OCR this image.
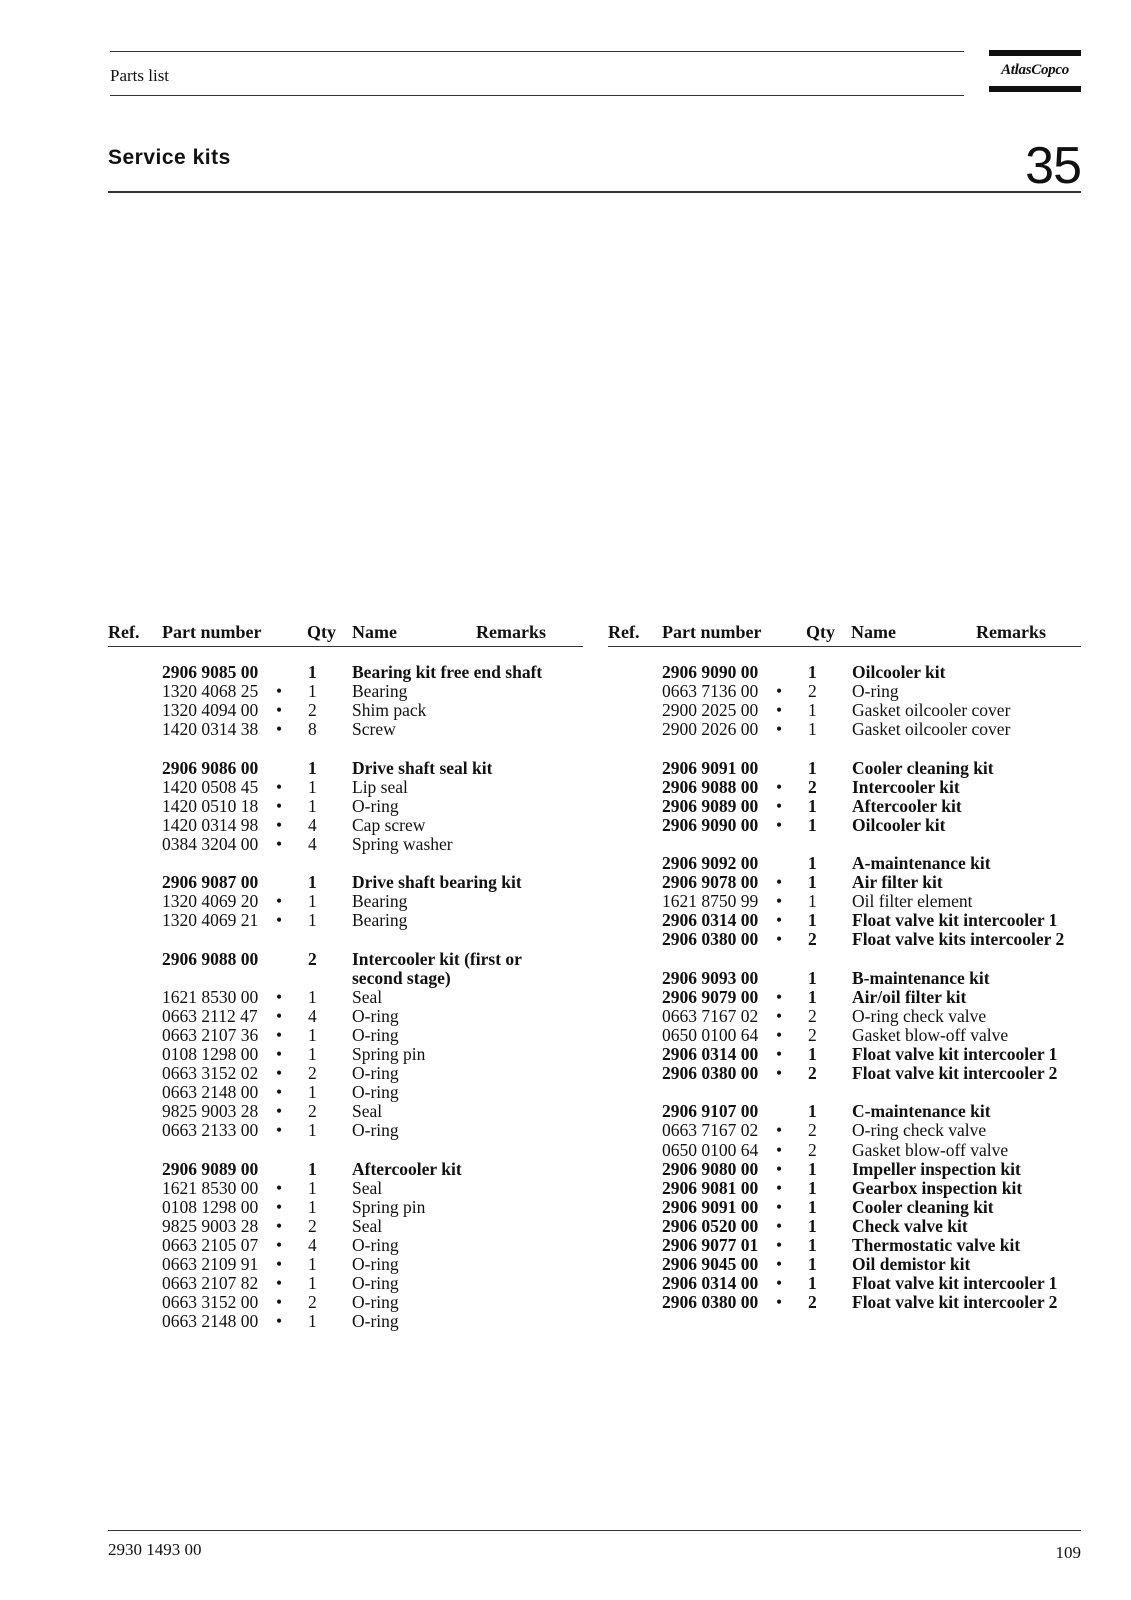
Parts list	AtlasCopco
Service kits	35
Ref. Part number	Qty Name	Remarks	Ref. Part number Qty Name	Remarks
2906 9085 00	1 Bearing kit free end shaft
1320 4068 25 • 1 Bearing
1320 4094 00 • 2 Shim pack
1420 0314 38 • 8 Screw
2906 9086 00	1 Drive shaft seal kit
1420 0508 45 • 1 Lip seal
1420 0510 18 • 1 O-ring
1420 0314 98 • 4 Cap screw
0384 3204 00 • 4 Spring washer
2906 9087 00	1 Drive shaft bearing kit
1320 4069 20 • 1 Bearing
1320 4069 21 • 1 Bearing
2906 9088 00	2 Intercooler kit (first or second stage)
1621 8530 00 • 1 Seal
0663 2112 47 • 4 O-ring
0663 2107 36 • 1 O-ring
0108 1298 00 • 1 Spring pin
0663 3152 02 • 2 O-ring
0663 2148 00 • 1 O-ring
9825 9003 28 • 2 Seal
0663 2133 00 • 1 O-ring
2906 9089 00	1 Aftercooler kit
1621 8530 00 • 1 Seal
0108 1298 00 • 1 Spring pin
9825 9003 28 • 2 Seal
0663 2105 07 • 4 O-ring
0663 2109 91 • 1 O-ring
0663 2107 82 • 1 O-ring
0663 3152 00 • 2 O-ring
0663 2148 00 • 1 O-ring
2906 9090 00	1 Oilcooler kit
0663 7136 00 • 2 O-ring
2900 2025 00 • 1 Gasket oilcooler cover
2900 2026 00 • 1 Gasket oilcooler cover
2906 9091 00	1 Cooler cleaning kit
2906 9088 00 • 2 Intercooler kit
2906 9089 00 • 1 Aftercooler kit
2906 9090 00 • 1 Oilcooler kit
2906 9092 00	1 A-maintenance kit
2906 9078 00 • 1 Air filter kit
1621 8750 99 • 1 Oil filter element
2906 0314 00 • 1 Float valve kit intercooler 1
2906 0380 00 • 2 Float valve kits intercooler 2
2906 9093 00	1 B-maintenance kit
2906 9079 00 • 1 Air/oil filter kit
0663 7167 02 • 2 O-ring check valve
0650 0100 64 • 2 Gasket blow-off valve
2906 0314 00 • 1 Float valve kit intercooler 1
2906 0380 00 • 2 Float valve kit intercooler 2
2906 9107 00	1 C-maintenance kit
0663 7167 02 • 2 O-ring check valve
0650 0100 64 • 2 Gasket blow-off valve
2906 9080 00 • 1 Impeller inspection kit
2906 9081 00 • 1 Gearbox inspection kit
2906 9091 00 • 1 Cooler cleaning kit
2906 0520 00 • 1 Check valve kit
2906 9077 01 • 1 Thermostatic valve kit
2906 9045 00 • 1 Oil demistor kit
2906 0314 00 • 1 Float valve kit intercooler 1
2906 0380 00 • 2 Float valve kit intercooler 2
2930 1493 00	109
